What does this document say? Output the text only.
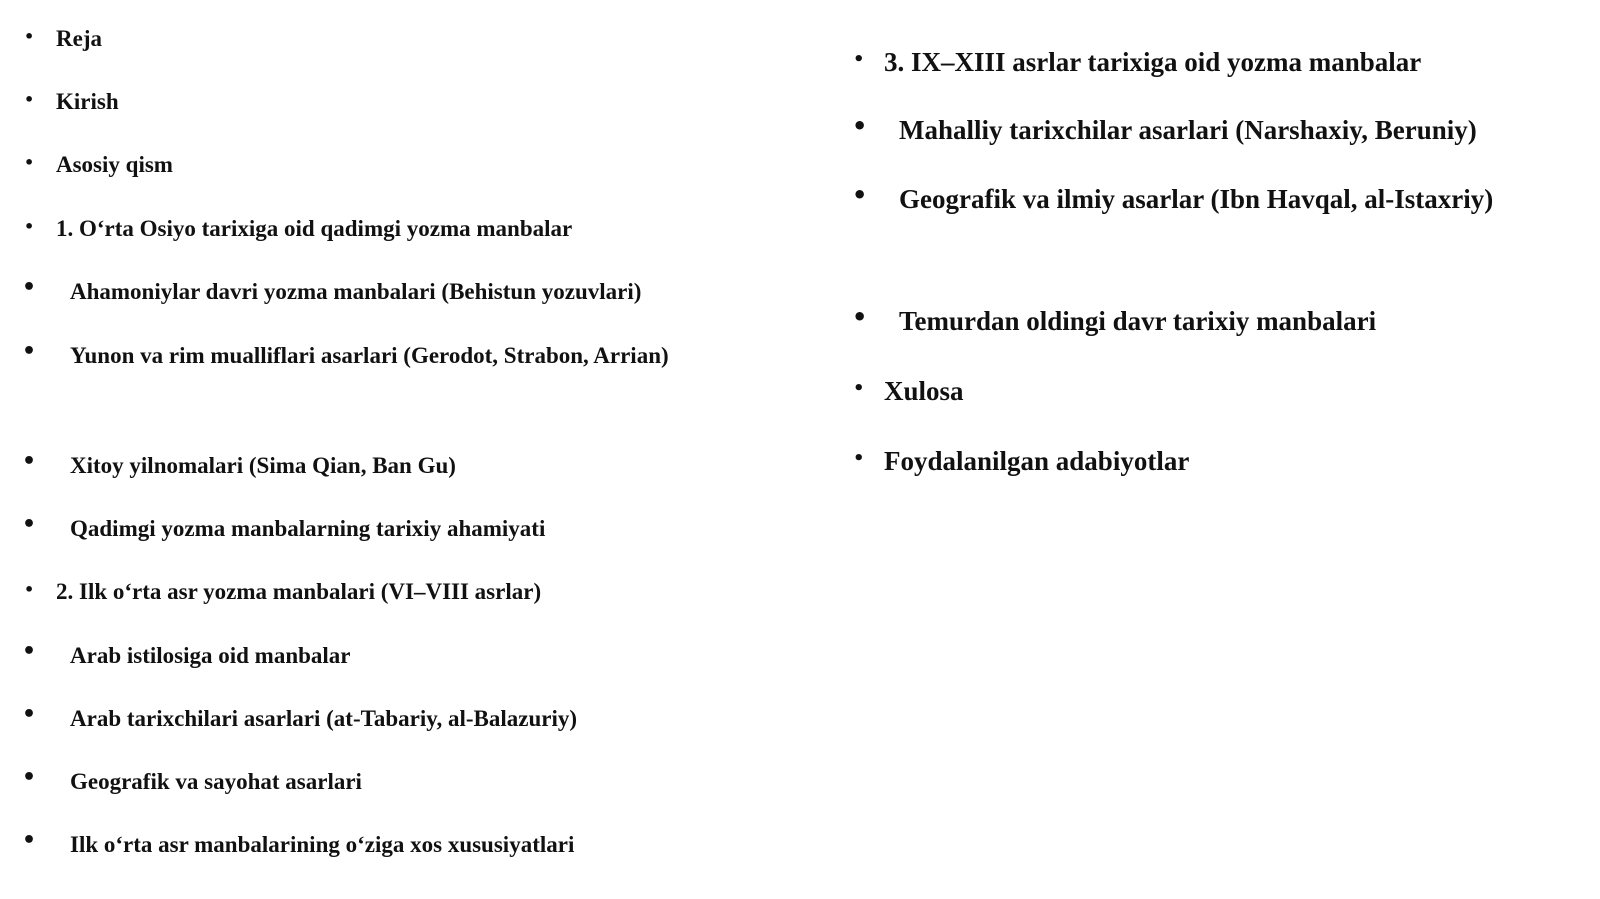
• Reja
• Kirish
• Asosiy qism
• 1. O‘rta Osiyo tarixiga oid qadimgi yozma manbalar
• Ahamoniylar davri yozma manbalari (Behistun yozuvlari)
• Yunon va rim mualliflari asarlari (Gerodot, Strabon, Arrian)
• Xitoy yilnomalari (Sima Qian, Ban Gu)
• Qadimgi yozma manbalarning tarixiy ahamiyati
• 2. Ilk o‘rta asr yozma manbalari (VI–VIII asrlar)
• Arab istilosiga oid manbalar
• Arab tarixchilari asarlari (at-Tabariy, al-Balazuriy)
• Geografik va sayohat asarlari
• Ilk o‘rta asr manbalarining o‘ziga xos xususiyatlari
• 3. IX–XIII asrlar tarixiga oid yozma manbalar
• Mahalliy tarixchilar asarlari (Narshaxiy, Beruniy)
• Geografik va ilmiy asarlar (Ibn Havqal, al-Istaxriy)
• Temurdan oldingi davr tarixiy manbalari
• Xulosa
• Foydalanilgan adabiyotlar
